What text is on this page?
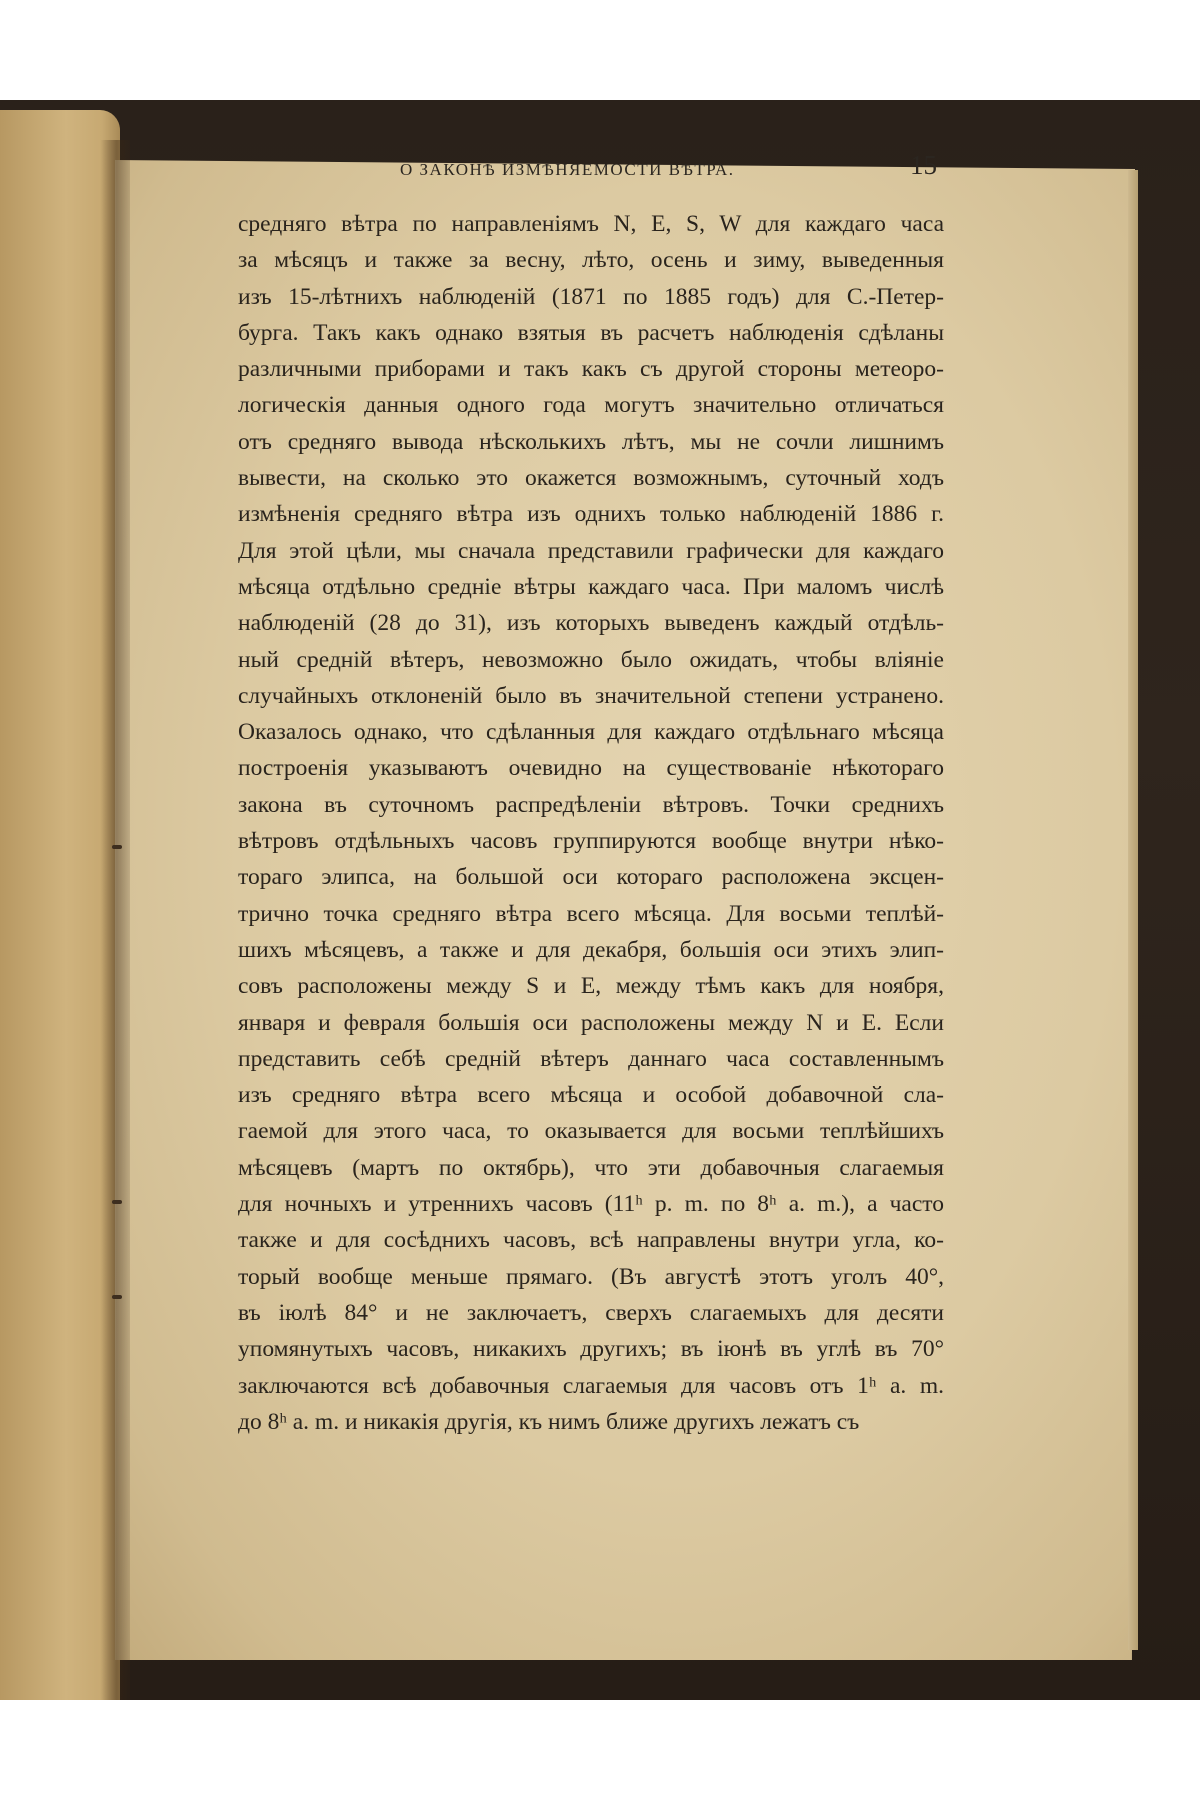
О ЗАКОНѢ ИЗМѢНЯЕМОСТИ ВѢТРА.	15
средняго вѣтра по направленіямъ N, E, S, W для каждаго часа
за мѣсяцъ и также за весну, лѣто, осень и зиму, выведенныя
изъ 15-лѣтнихъ наблюденій (1871 по 1885 годъ) для С.-Петер-
бурга. Такъ какъ однако взятыя въ расчетъ наблюденія сдѣланы
различными приборами и такъ какъ съ другой стороны метеоро-
логическія данныя одного года могутъ значительно отличаться
отъ средняго вывода нѣсколькихъ лѣтъ, мы не сочли лишнимъ
вывести, на сколько это окажется возможнымъ, суточный ходъ
измѣненія средняго вѣтра изъ однихъ только наблюденій 1886 г.
Для этой цѣли, мы сначала представили графически для каждаго
мѣсяца отдѣльно средніе вѣтры каждаго часа. При маломъ числѣ
наблюденій (28 до 31), изъ которыхъ выведенъ каждый отдѣль-
ный средній вѣтеръ, невозможно было ожидать, чтобы вліяніе
случайныхъ отклоненій было въ значительной степени устранено.
Оказалось однако, что сдѣланныя для каждаго отдѣльнаго мѣсяца
построенія указываютъ очевидно на существованіе нѣкотораго
закона въ суточномъ распредѣленіи вѣтровъ. Точки среднихъ
вѣтровъ отдѣльныхъ часовъ группируются вообще внутри нѣко-
тораго элипса, на большой оси котораго расположена эксцен-
трично точка средняго вѣтра всего мѣсяца. Для восьми теплѣй-
шихъ мѣсяцевъ, а также и для декабря, большія оси этихъ элип-
совъ расположены между S и E, между тѣмъ какъ для ноября,
января и февраля большія оси расположены между N и E. Если
представить себѣ средній вѣтеръ даннаго часа составленнымъ
изъ средняго вѣтра всего мѣсяца и особой добавочной сла-
гаемой для этого часа, то оказывается для восьми теплѣйшихъ
мѣсяцевъ (мартъ по октябрь), что эти добавочныя слагаемыя
для ночныхъ и утреннихъ часовъ (11ʰ p. m. по 8ʰ a. m.), а часто
также и для сосѣднихъ часовъ, всѣ направлены внутри угла, ко-
торый вообще меньше прямаго. (Въ августѣ этотъ уголъ 40°,
въ іюлѣ 84° и не заключаетъ, сверхъ слагаемыхъ для десяти
упомянутыхъ часовъ, никакихъ другихъ; въ іюнѣ въ углѣ въ 70°
заключаются всѣ добавочныя слагаемыя для часовъ отъ 1ʰ a. m.
до 8ʰ a. m. и никакія другія, къ нимъ ближе другихъ лежатъ съ
